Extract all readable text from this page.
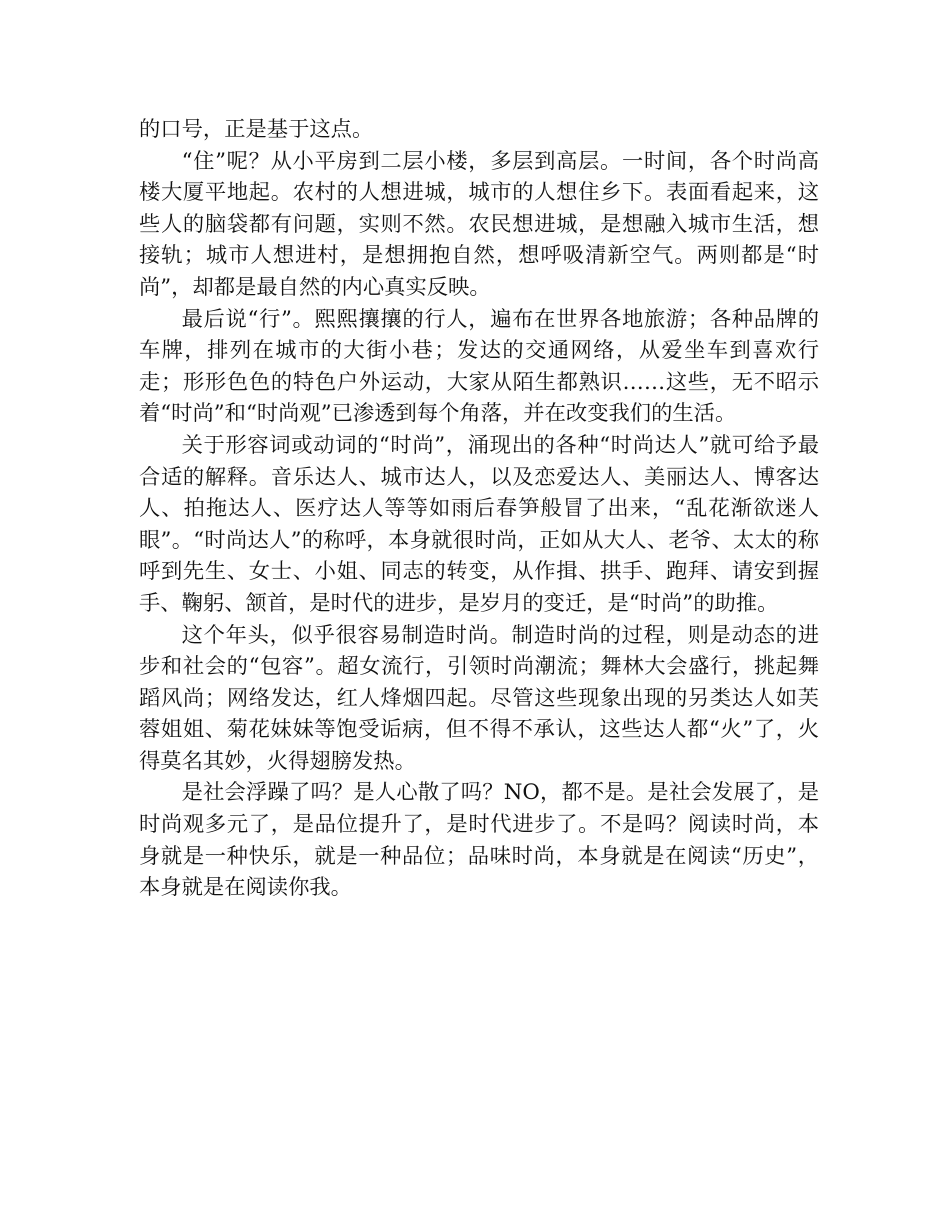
的口号，正是基于这点。

“住”呢？从小平房到二层小楼，多层到高层。一时间，各个时尚高楼大厦平地起。农村的人想进城，城市的人想住乡下。表面看起来，这些人的脑袋都有问题，实则不然。农民想进城，是想融入城市生活，想接轨；城市人想进村，是想拥抱自然，想呼吸清新空气。两则都是“时尚”，却都是最自然的内心真实反映。

最后说“行”。熙熙攘攘的行人，遍布在世界各地旅游；各种品牌的车牌，排列在城市的大街小巷；发达的交通网络，从爱坐车到喜欢行走；形形色色的特色户外运动，大家从陌生都熟识……这些，无不昭示着“时尚”和“时尚观”已渗透到每个角落，并在改变我们的生活。

关于形容词或动词的“时尚”，涌现出的各种“时尚达人”就可给予最合适的解释。音乐达人、城市达人，以及恋爱达人、美丽达人、博客达人、拍拖达人、医疗达人等等如雨后春笋般冒了出来，“乱花渐欲迷人眼”。“时尚达人”的称呼，本身就很时尚，正如从大人、老爷、太太的称呼到先生、女士、小姐、同志的转变，从作揖、拱手、跑拜、请安到握手、鞠躬、颔首，是时代的进步，是岁月的变迁，是“时尚”的助推。

这个年头，似乎很容易制造时尚。制造时尚的过程，则是动态的进步和社会的“包容”。超女流行，引领时尚潮流；舞林大会盛行，挑起舞蹈风尚；网络发达，红人烽烟四起。尽管这些现象出现的另类达人如芙蓉姐姐、菊花妹妹等饱受诟病，但不得不承认，这些达人都“火”了，火得莫名其妙，火得翅膀发热。

是社会浮躁了吗？是人心散了吗？NO，都不是。是社会发展了，是时尚观多元了，是品位提升了，是时代进步了。不是吗？阅读时尚，本身就是一种快乐，就是一种品位；品味时尚，本身就是在阅读“历史”，本身就是在阅读你我。
